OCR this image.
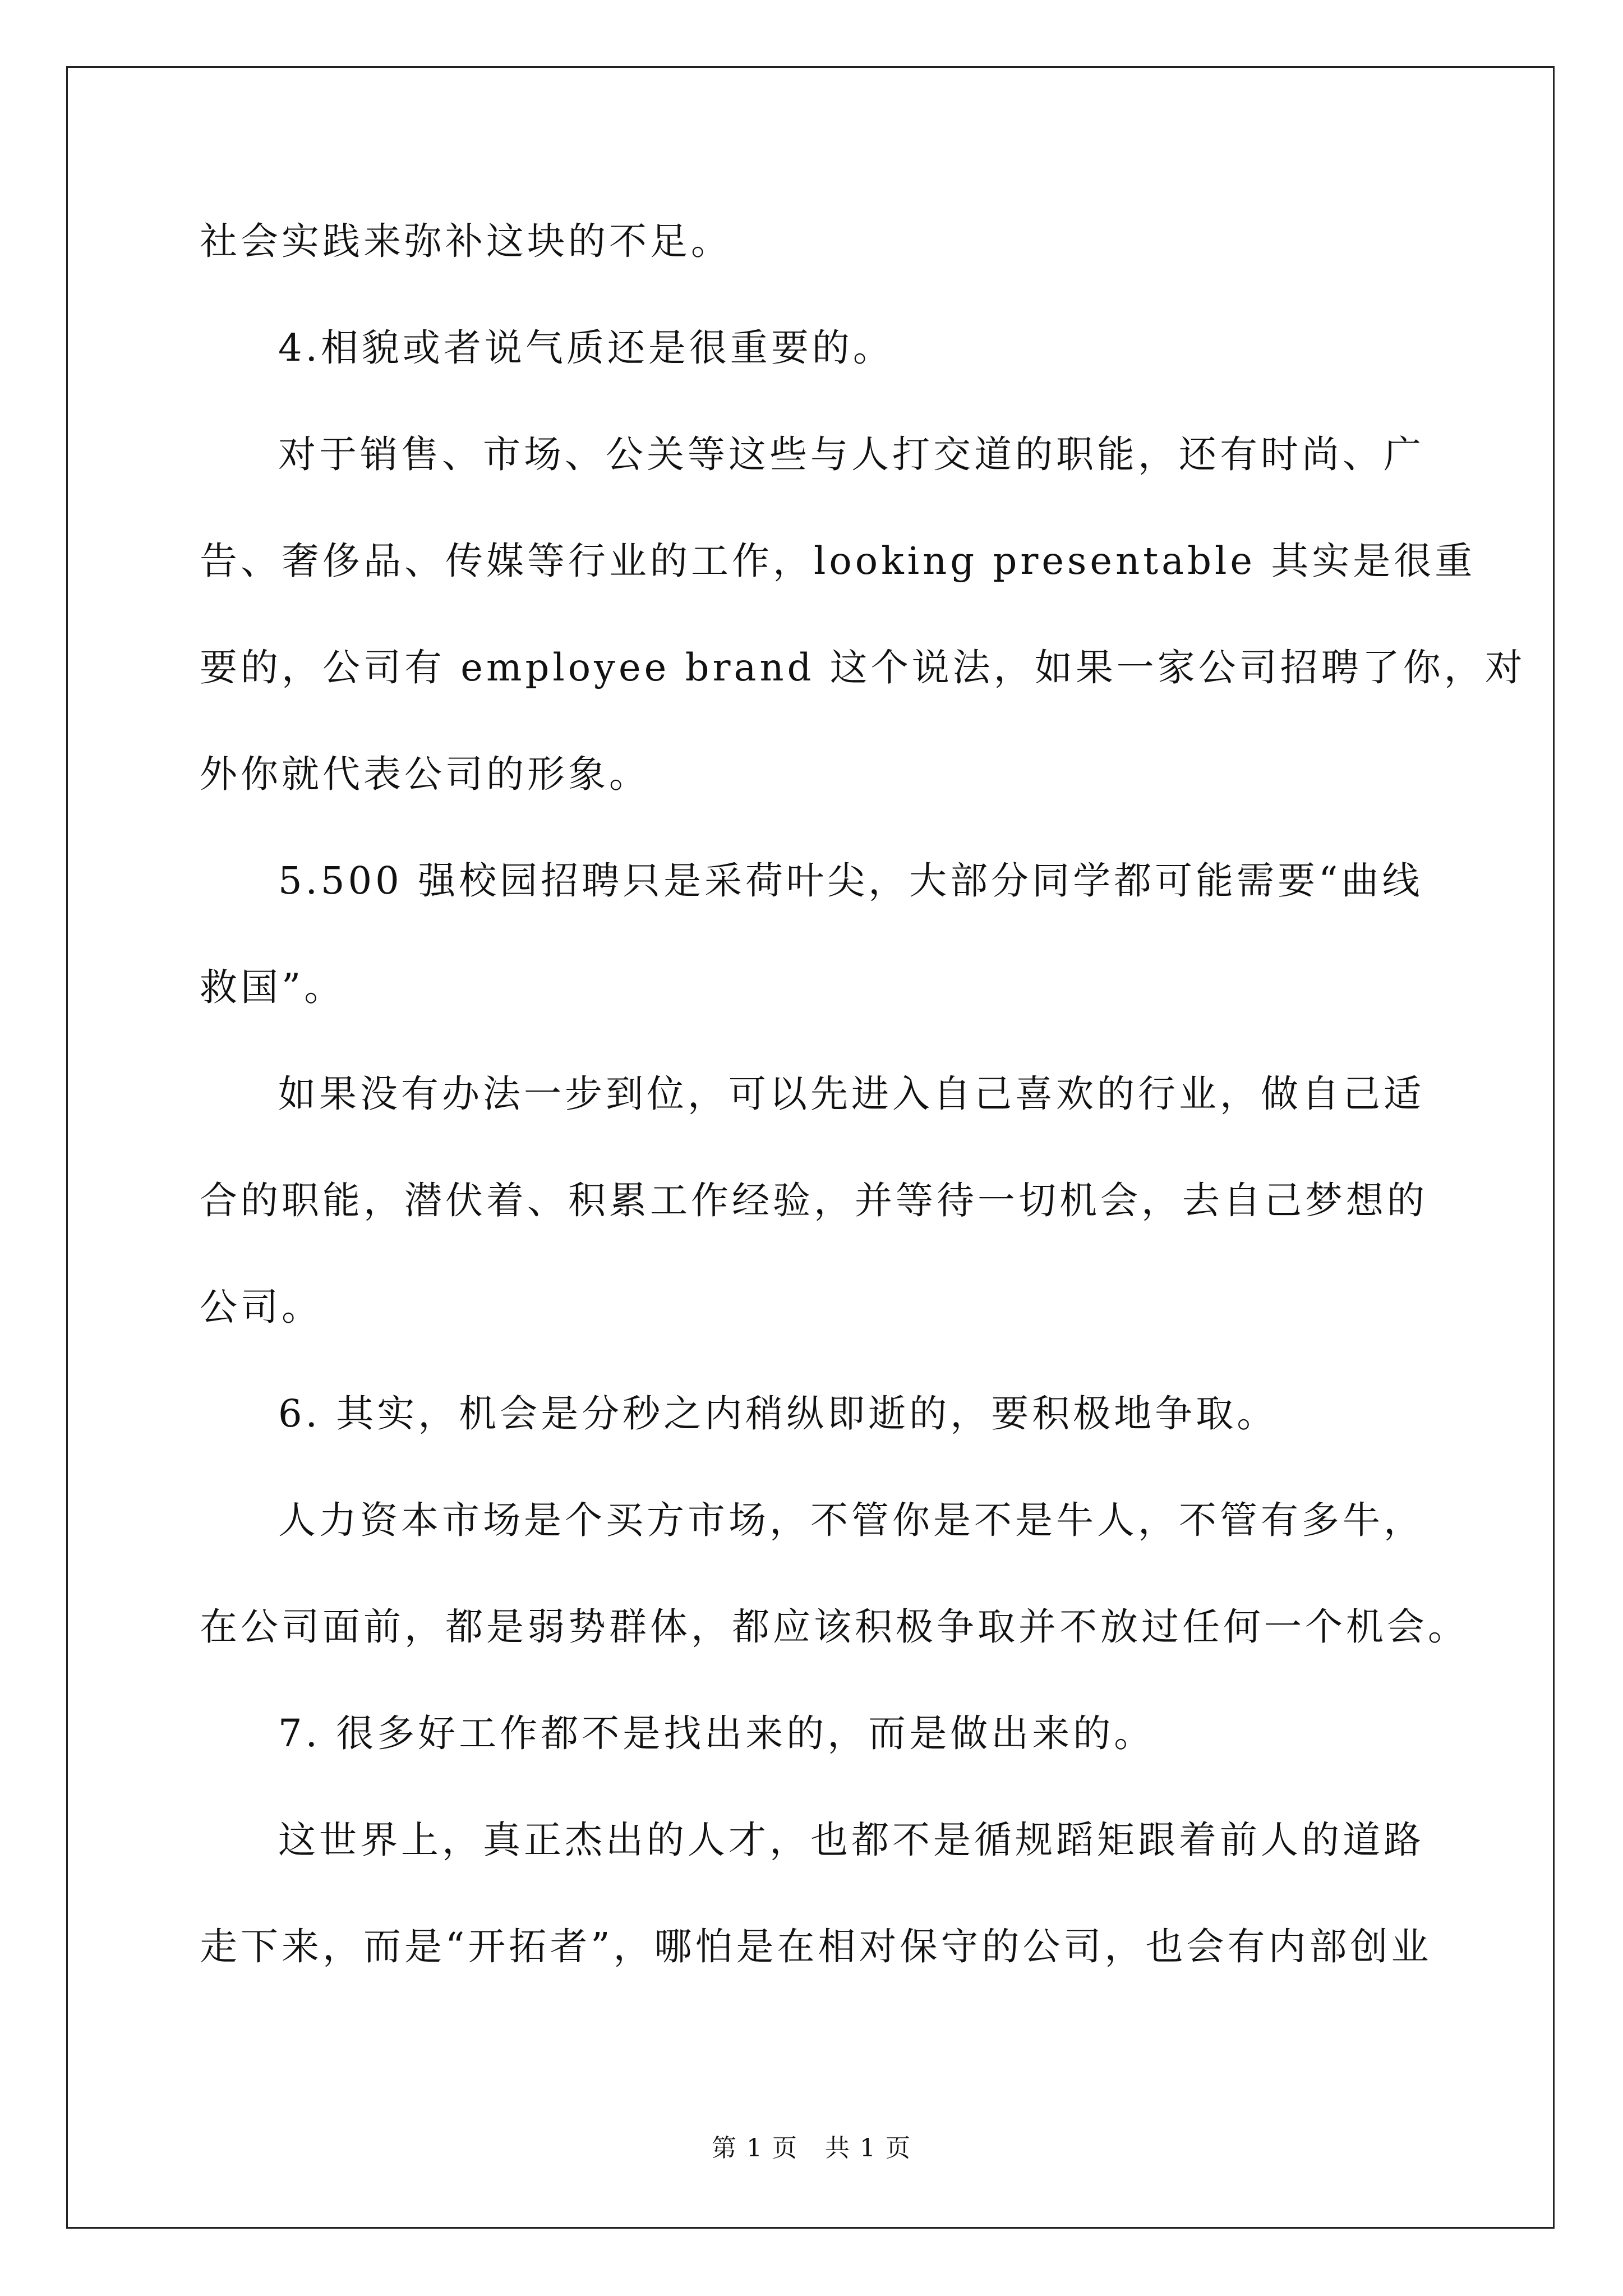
社会实践来弥补这块的不足。
4.相貌或者说气质还是很重要的。
对于销售、市场、公关等这些与人打交道的职能，还有时尚、广
告、奢侈品、传媒等行业的工作，looking presentable 其实是很重
要的，公司有 employee brand 这个说法，如果一家公司招聘了你，对
外你就代表公司的形象。
5.500 强校园招聘只是采荷叶尖，大部分同学都可能需要“曲线
救国”。
如果没有办法一步到位，可以先进入自己喜欢的行业，做自己适
合的职能，潜伏着、积累工作经验，并等待一切机会，去自己梦想的
公司。
6. 其实，机会是分秒之内稍纵即逝的，要积极地争取。
人力资本市场是个买方市场，不管你是不是牛人，不管有多牛，
在公司面前，都是弱势群体，都应该积极争取并不放过任何一个机会。
7. 很多好工作都不是找出来的，而是做出来的。
这世界上，真正杰出的人才，也都不是循规蹈矩跟着前人的道路
走下来，而是“开拓者”，哪怕是在相对保守的公司，也会有内部创业
第 1 页 共 1 页
